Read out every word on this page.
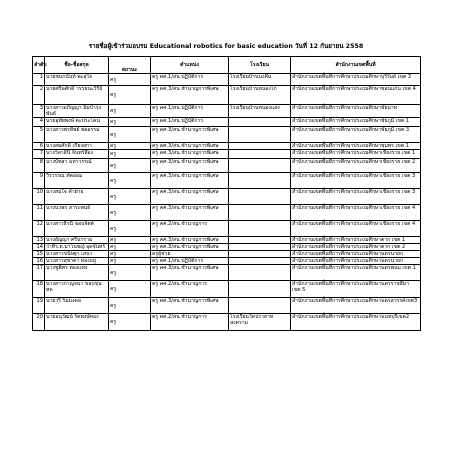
รายชื่อผู้เข้าร่วมอบรม Educational robotics for basic education วันที่ 12 กันยายน 2558
ลำดับ	ชื่อ-ชื่อสกุล	สถานะ	ตำแหน่ง	โรงเรียน	สำนักงานเขตพื้นที่
1	นายชนกนันท์ พะสุใจ	ครู	ครู คศ.1/สน.ปฏิบัติการ	โรงเรียนบ้านนงคึม	สำนักงานเขตพื้นที่การศึกษาประถมศึกษาบุรีรัมย์ เขต 3
2	นายศรีนศักดิ์ วรรธนะวิรีย์	ครู	ครู คศ.3/สน.ชำนาญการพิเศษ	โรงเรียนบ้านหนองโก	สำนักงานเขตพื้นที่การศึกษาประถมศึกษาขอนแก่น เขต 4
3	นางสาวอภิญญา อิ่มบำรุงพันธ์	ครู	ครู คศ.1/สน.ปฏิบัติการ	โรงเรียนบ้านหนองแสง	สำนักงานเขตพื้นที่การศึกษาประถมศึกษาชัยนาท
4	นายอุทัยพงษ์ ตะประโคน	ครู	ครู คศ.1/สน.ปฏิบัติการ		สำนักงานเขตพื้นที่การศึกษาประถมศึกษาชัยภูมิ เขต 1
5	นางสาวพรทิพย์ พลอรรม	ครู	ครู คศ.3/สน.ชำนาญการพิเศษ		สำนักงานเขตพื้นที่การศึกษาประถมศึกษาชัยภูมิ เขต 3
6	นางสมศักดิ์ เกียงสกา	ครู	ครู คศ.3/สน.ชำนาญการพิเศษ		สำนักงานเขตพื้นที่การศึกษาประถมศึกษาชุมพร เขต 1
7	นางวิลาสินี จินทร์สีอง	ครู	ครู คศ.3/สน.ชำนาญการพิเศษ		สำนักงานเขตพื้นที่การศึกษาประถมศึกษาเชียงราย เขต 1
8	นางบัทสา มหาวรรณ์	ครู	ครู คศ.3/สน.ชำนาญการพิเศษ		สำนักงานเขตพื้นที่การศึกษาประถมศึกษาเชียงราย เขต 2
9	วีรวรรณ ทัตอ่อม	ครู	ครู คศ.3/สน.ชำนาญการพิเศษ		สำนักงานเขตพื้นที่การศึกษาประถมศึกษาเชียงราย เขต 3
10	นางสมใจ คำฝ่าย	ครู	ครู คศ.3/สน.ชำนาญการพิเศษ		สำนักงานเขตพื้นที่การศึกษาประถมศึกษาเชียงราย เขต 3
11	นางนวพร สาระพนธ์	ครู	ครู คศ.3/สน.ชำนาญการพิเศษ		สำนักงานเขตพื้นที่การศึกษาประถมศึกษาเชียงราย เขต 4
12	นางสาวธีรนี ขอบจิตต์	ครู	ครู คศ.2/สน.ชำนาญการ		สำนักงานเขตพื้นที่การศึกษาประถมศึกษาเชียงราย เขต 4
13	นางอัญญา ศรีนาราม	ครู	ครู คศ.3/สน.ชำนาญการพิเศษ		สำนักงานเขตพื้นที่การศึกษาประถมศึกษาตาก เขต 1
14	ว่าที่ร.ต.มาโนชญ์ อุดจันทร์	ครู	ครู คศ.3/สน.ชำนาญการพิเศษ		สำนักงานเขตพื้นที่การศึกษาประถมศึกษาตาก เขต 2
15	นางสาวขนิษฐา เสนา	ครู	ครูผู้ช่วย		สำนักงานเขตพื้นที่การศึกษาประถมศึกษานครนายก
16	นางสาวสุชาดา ทองอยู่	ครู	ครู คศ.1/สน.ปฏิบัติการ		สำนักงานเขตพื้นที่การศึกษาประถมศึกษานครนายก
17	นางชูพิพร ทองแท่ง	ครู	ครู คศ.3/สน.ชำนาญการพิเศษ		สำนักงานเขตพื้นที่การศึกษาประถมศึกษานครพนม เขต 1
18	นางสาวกาญจนา ขอบขุนทด	ครู	ครู คศ.2/สน.ชำนาญการ		สำนักงานเขตพื้นที่การศึกษาประถมศึกษานครราชสีมา เขต 5
19	นายวรี ริมมงคล	ครู	ครู คศ.3/สน.ชำนาญการพิเศษ		สำนักงานเขตพื้นที่การศึกษาประถมศึกษานครสวรรค์เขต3
20	นายอนุวัฒน์ รัตพงษ์ทอง	ครู	ครู คศ.2/สน.ชำนาญการ	โรงเรียนวัดปราสาทสงคราม	สำนักงานเขตพื้นที่การศึกษาประถมศึกษานนทบุรีเขต2
